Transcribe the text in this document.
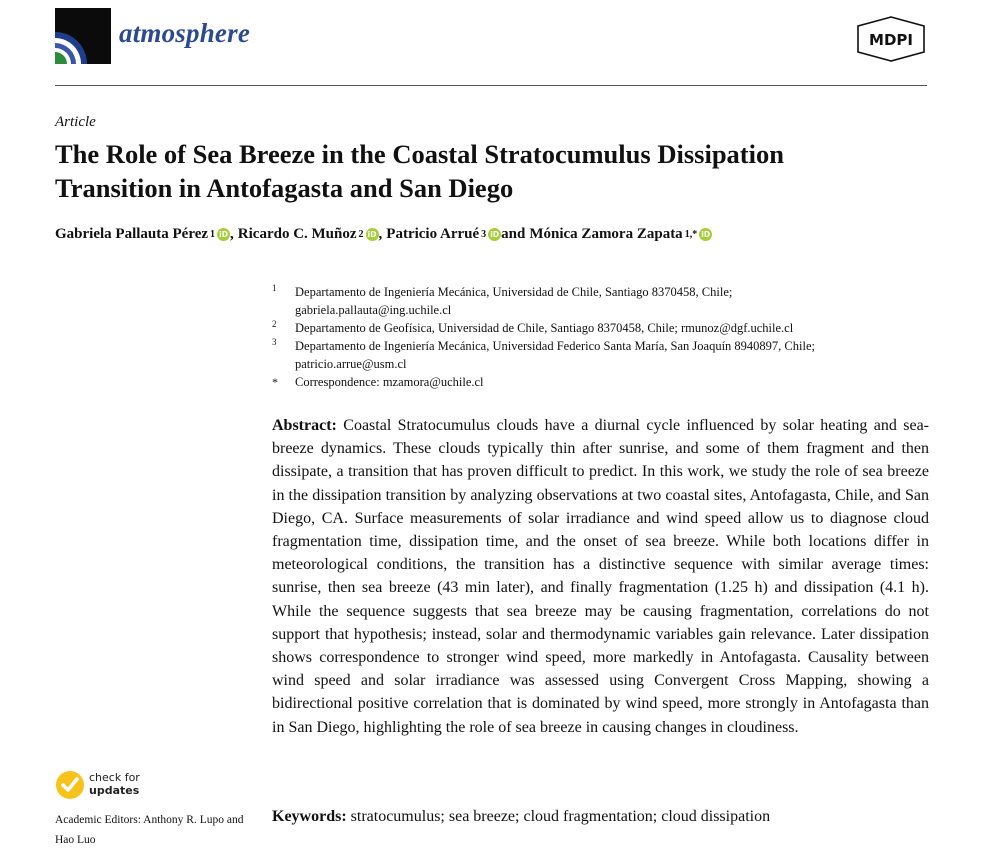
atmosphere	MDPI
Article
The Role of Sea Breeze in the Coastal Stratocumulus Dissipation
Transition in Antofagasta and San Diego
Gabriela Pallauta Pérez 1 iD , Ricardo C. Muñoz 2 iD , Patricio Arrué 3 iD and Mónica Zamora Zapata 1,* iD
1 Departamento de Ingeniería Mecánica, Universidad de Chile, Santiago 8370458, Chile;
gabriela.pallauta@ing.uchile.cl
2 Departamento de Geofísica, Universidad de Chile, Santiago 8370458, Chile; rmunoz@dgf.uchile.cl
3 Departamento de Ingeniería Mecánica, Universidad Federico Santa María, San Joaquín 8940897, Chile;
patricio.arrue@usm.cl
* Correspondence: mzamora@uchile.cl
Abstract: Coastal Stratocumulus clouds have a diurnal cycle influenced by solar heating and sea-breeze dynamics. These clouds typically thin after sunrise, and some of them fragment and then dissipate, a transition that has proven difficult to predict. In this work, we study the role of sea breeze in the dissipation transition by analyzing observations at two coastal sites, Antofagasta, Chile, and San Diego, CA. Surface measurements of solar irradiance and wind speed allow us to diagnose cloud fragmentation time, dissipation time, and the onset of sea breeze. While both locations differ in meteorological conditions, the transition has a distinctive sequence with similar average times: sunrise, then sea breeze (43 min later), and finally fragmentation (1.25 h) and dissipation (4.1 h). While the sequence suggests that sea breeze may be causing fragmentation, correlations do not support that hypothesis; instead, solar and thermodynamic variables gain relevance. Later dissipation shows correspondence to stronger wind speed, more markedly in Antofagasta. Causality between wind speed and solar irradiance was assessed using Convergent Cross Mapping, showing a bidirectional positive correlation that is dominated by wind speed, more strongly in Antofagasta than in San Diego, highlighting the role of sea breeze in causing changes in cloudiness.
Keywords: stratocumulus; sea breeze; cloud fragmentation; cloud dissipation
check for
updates
Academic Editors: Anthony R. Lupo and Hao Luo
